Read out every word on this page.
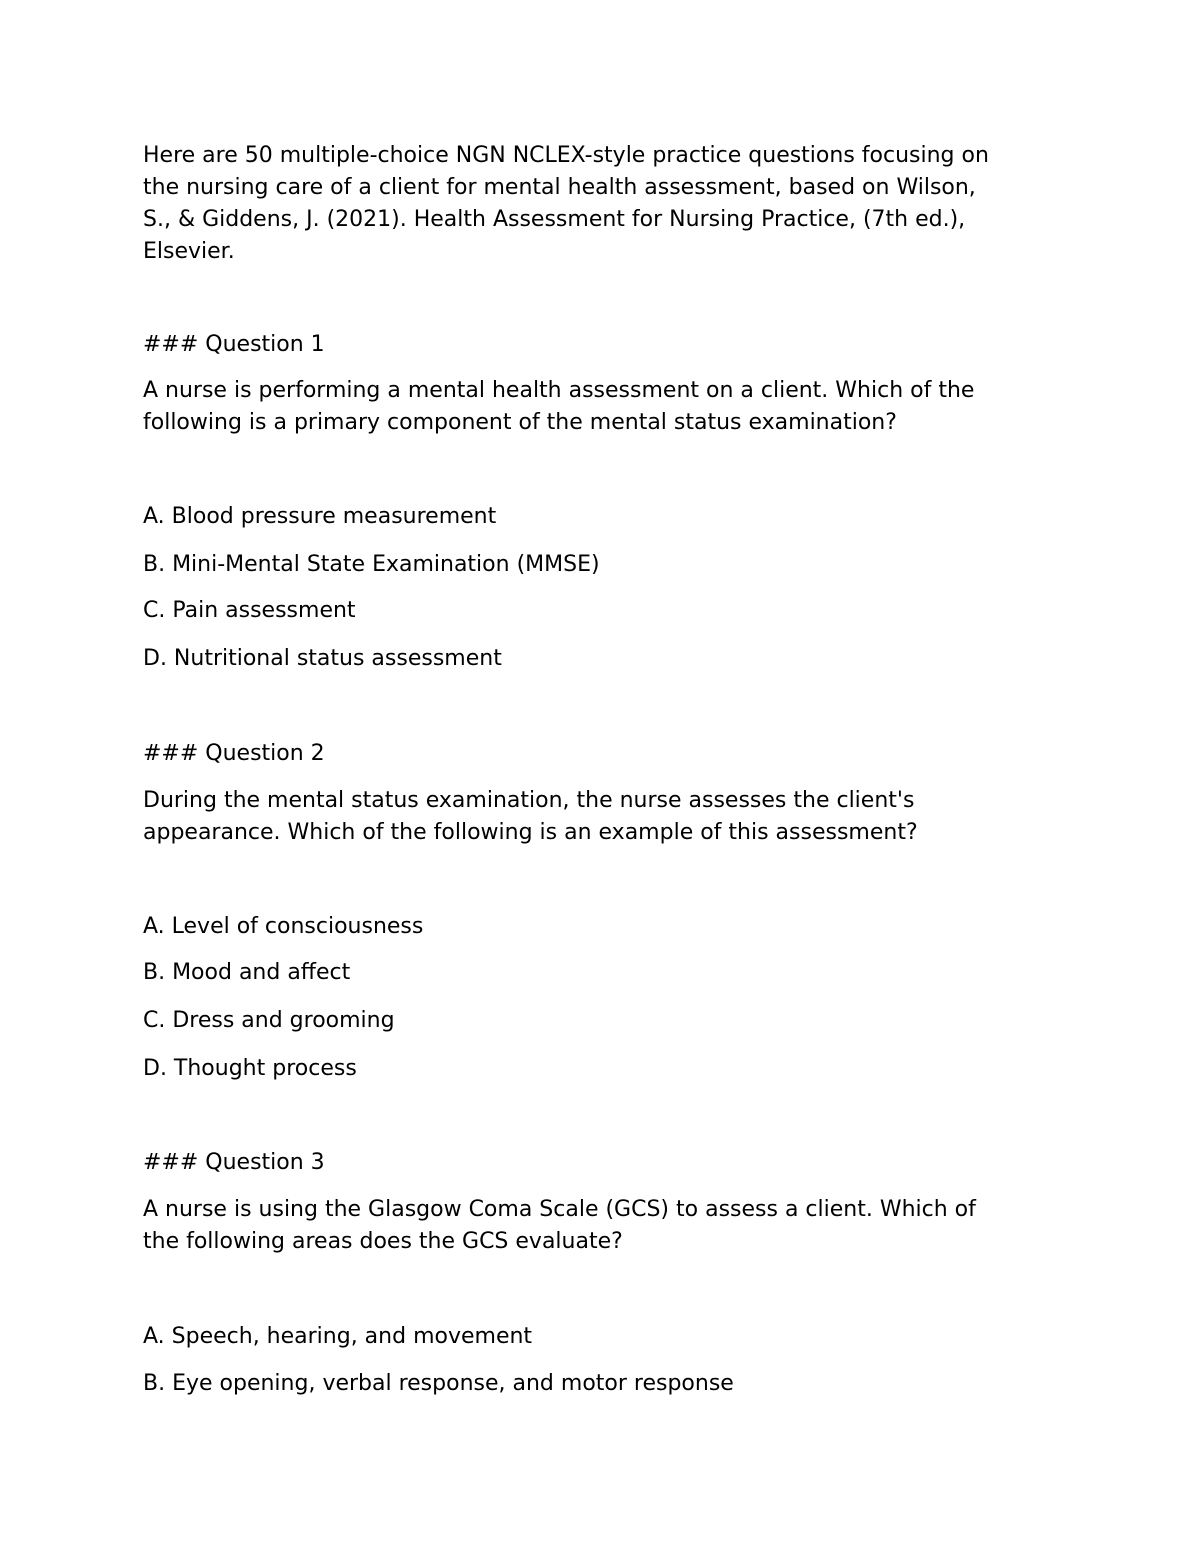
Here are 50 multiple-choice NGN NCLEX-style practice questions focusing on
the nursing care of a client for mental health assessment, based on Wilson,
S., & Giddens, J. (2021). Health Assessment for Nursing Practice, (7th ed.),
Elsevier.
### Question 1
A nurse is performing a mental health assessment on a client. Which of the
following is a primary component of the mental status examination?
A. Blood pressure measurement
B. Mini-Mental State Examination (MMSE)
C. Pain assessment
D. Nutritional status assessment
### Question 2
During the mental status examination, the nurse assesses the client's
appearance. Which of the following is an example of this assessment?
A. Level of consciousness
B. Mood and affect
C. Dress and grooming
D. Thought process
### Question 3
A nurse is using the Glasgow Coma Scale (GCS) to assess a client. Which of
the following areas does the GCS evaluate?
A. Speech, hearing, and movement
B. Eye opening, verbal response, and motor response
